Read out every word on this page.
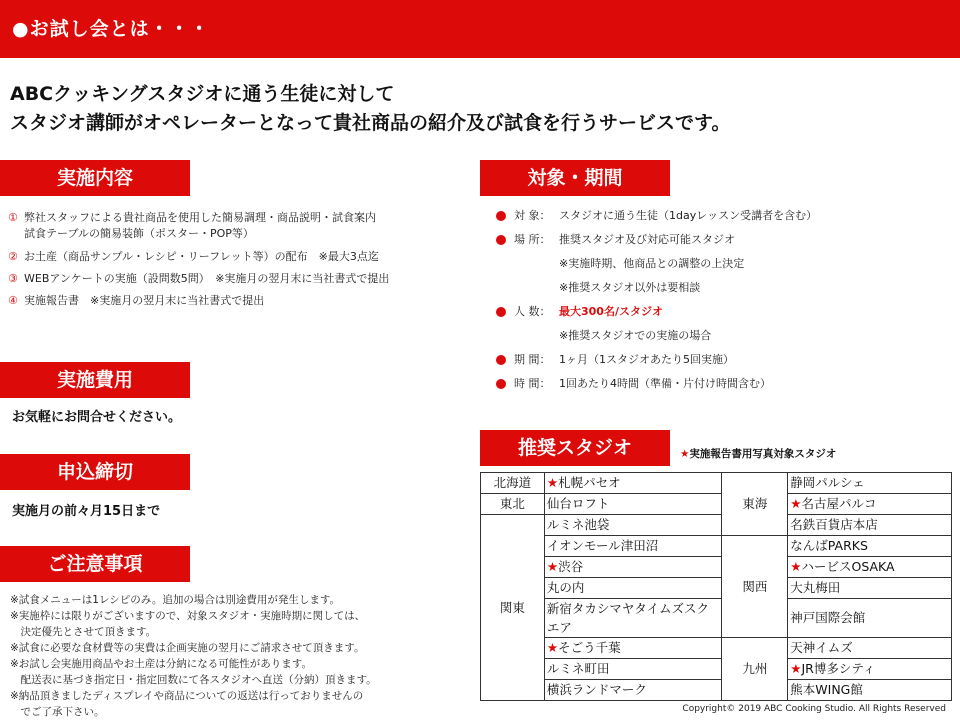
●お試し会とは・・・
ABCクッキングスタジオに通う生徒に対して
スタジオ講師がオペレーターとなって貴社商品の紹介及び試食を行うサービスです。
実施内容
① 弊社スタッフによる貴社商品を使用した簡易調理・商品説明・試食案内
試食テーブルの簡易装飾（ポスター・POP等）
② お土産（商品サンプル・レシピ・リーフレット等）の配布　※最大3点迄
③ WEBアンケートの実施（設問数5問）　※実施月の翌月末に当社書式で提出
④ 実施報告書　※実施月の翌月末に当社書式で提出
実施費用
お気軽にお問合せください。
申込締切
実施月の前々月15日まで
ご注意事項
※試食メニューは1レシピのみ。追加の場合は別途費用が発生します。
※実施枠には限りがございますので、対象スタジオ・実施時期に関しては、
　決定優先とさせて頂きます。
※試食に必要な食材費等の実費は企画実施の翌月にご請求させて頂きます。
※お試し会実施用商品やお土産は分納になる可能性があります。
　配送表に基づき指定日・指定回数にて各スタジオへ直送（分納）頂きます。
※納品頂きましたディスプレイや商品についての返送は行っておりませんの
　でご了承下さい。
対象・期間
対 象： スタジオに通う生徒（1dayレッスン受講者を含む）
場 所： 推奨スタジオ及び対応可能スタジオ
※実施時期、他商品との調整の上決定
※推奨スタジオ以外は要相談
人 数： 最大300名/スタジオ
※推奨スタジオでの実施の場合
期 間： 1ヶ月（1スタジオあたり5回実施）
時 間： 1回あたり4時間（準備・片付け時間含む）
推奨スタジオ	★実施報告書用写真対象スタジオ
北海道	★札幌パセオ	東海	静岡パルシェ
東北	仙台ロフト		★名古屋パルコ
関東	ルミネ池袋		名鉄百貨店本店
	イオンモール津田沼	関西	なんばPARKS
	★渋谷		★ハービスOSAKA
	丸の内		大丸梅田
	新宿タカシマヤタイムズスクエア		神戸国際会館
	★そごう千葉	九州	天神イムズ
	ルミネ町田		★JR博多シティ
	横浜ランドマーク		熊本WING館
Copyright© 2019 ABC Cooking Studio. All Rights Reserved
